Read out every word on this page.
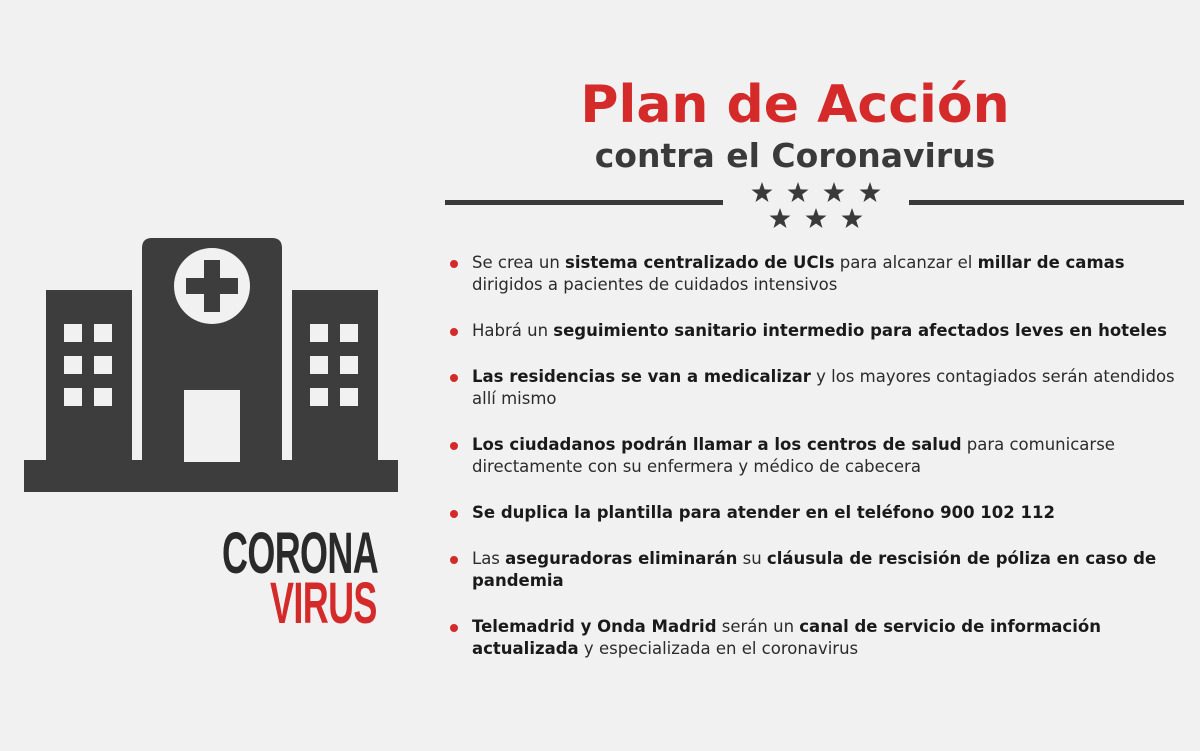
CORONA
VIRUS
Plan de Acción
contra el Coronavirus
Se crea un sistema centralizado de UCIs para alcanzar el millar de camas dirigidos a pacientes de cuidados intensivos
Habrá un seguimiento sanitario intermedio para afectados leves en hoteles
Las residencias se van a medicalizar y los mayores contagiados serán atendidos allí mismo
Los ciudadanos podrán llamar a los centros de salud para comunicarse directamente con su enfermera y médico de cabecera
Se duplica la plantilla para atender en el teléfono 900 102 112
Las aseguradoras eliminarán su cláusula de rescisión de póliza en caso de pandemia
Telemadrid y Onda Madrid serán un canal de servicio de información actualizada y especializada en el coronavirus
